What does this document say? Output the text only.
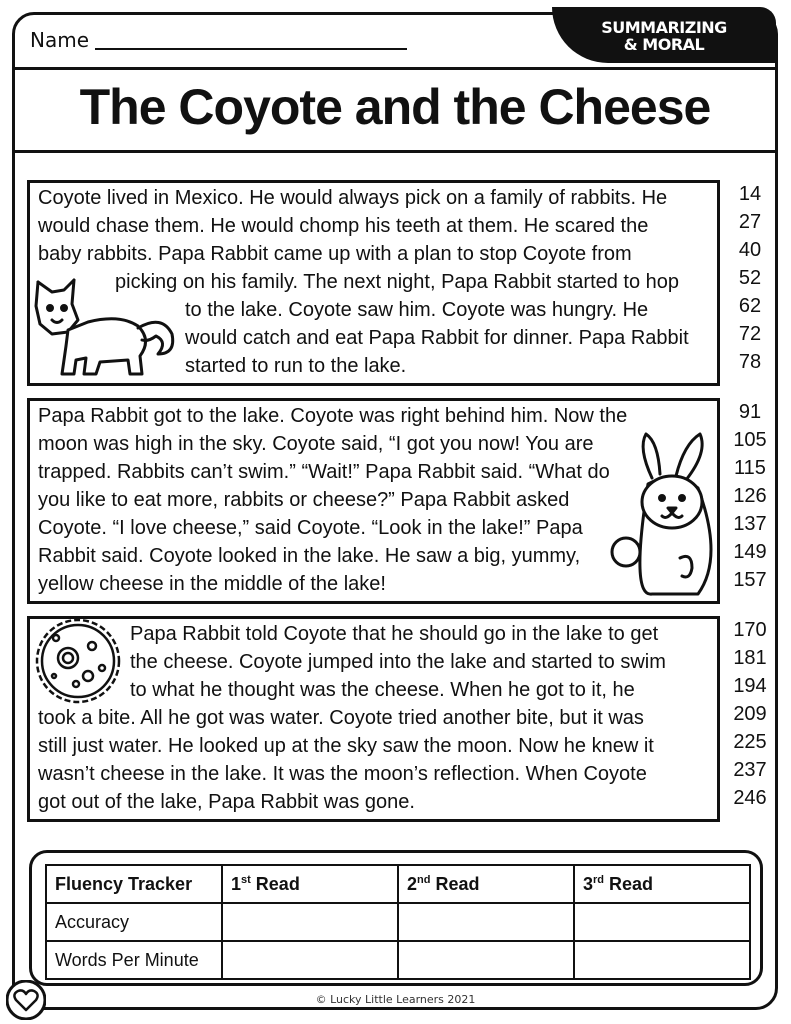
Name
SUMMARIZING
& MORAL
The Coyote and the Cheese
Coyote lived in Mexico. He would always pick on a family of rabbits. He
would chase them. He would chomp his teeth at them. He scared the
baby rabbits. Papa Rabbit came up with a plan to stop Coyote from
picking on his family. The next night, Papa Rabbit started to hop
to the lake. Coyote saw him. Coyote was hungry. He
would catch and eat Papa Rabbit for dinner. Papa Rabbit
started to run to the lake.
14
27
40
52
62
72
78
Papa Rabbit got to the lake. Coyote was right behind him. Now the
moon was high in the sky. Coyote said, “I got you now! You are
trapped. Rabbits can’t swim.” “Wait!” Papa Rabbit said. “What do
you like to eat more, rabbits or cheese?” Papa Rabbit asked
Coyote. “I love cheese,” said Coyote. “Look in the lake!” Papa
Rabbit said. Coyote looked in the lake. He saw a big, yummy,
yellow cheese in the middle of the lake!
91
105
115
126
137
149
157
Papa Rabbit told Coyote that he should go in the lake to get
the cheese. Coyote jumped into the lake and started to swim
to what he thought was the cheese. When he got to it, he
took a bite. All he got was water. Coyote tried another bite, but it was
still just water. He looked up at the sky saw the moon. Now he knew it
wasn’t cheese in the lake. It was the moon’s reflection. When Coyote
got out of the lake, Papa Rabbit was gone.
170
181
194
209
225
237
246
Fluency Tracker	1st Read	2nd Read	3rd Read
Accuracy			
Words Per Minute			
© Lucky Little Learners 2021
